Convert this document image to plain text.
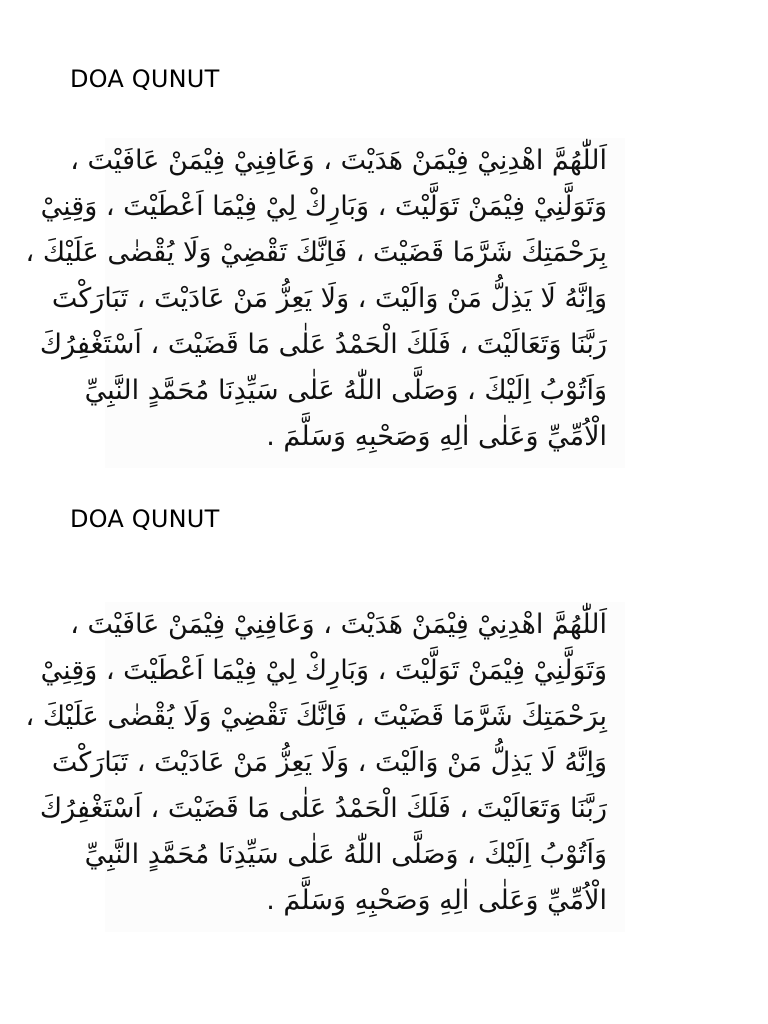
DOA QUNUT

اَللّٰهُمَّ اهْدِنِيْ فِيْمَنْ هَدَيْتَ ، وَعَافِنِيْ فِيْمَنْ عَافَيْتَ ،
وَتَوَلَّنِيْ فِيْمَنْ تَوَلَّيْتَ ، وَبَارِكْ لِيْ فِيْمَا اَعْطَيْتَ ، وَقِنِيْ
بِرَحْمَتِكَ شَرَّمَا قَضَيْتَ ، فَاِنَّكَ تَقْضِيْ وَلَا يُقْضٰى عَلَيْكَ ،
وَاِنَّهُ لَا يَذِلُّ مَنْ وَالَيْتَ ، وَلَا يَعِزُّ مَنْ عَادَيْتَ ، تَبَارَكْتَ
رَبَّنَا وَتَعَالَيْتَ ، فَلَكَ الْحَمْدُ عَلٰى مَا قَضَيْتَ ، اَسْتَغْفِرُكَ
وَاَتُوْبُ اِلَيْكَ ، وَصَلَّى اللّٰهُ عَلٰى سَيِّدِنَا مُحَمَّدٍ النَّبِيِّ
الْاُمِّيِّ وَعَلٰى اٰلِهِ وَصَحْبِهِ وَسَلَّمَ .

DOA QUNUT

اَللّٰهُمَّ اهْدِنِيْ فِيْمَنْ هَدَيْتَ ، وَعَافِنِيْ فِيْمَنْ عَافَيْتَ ،
وَتَوَلَّنِيْ فِيْمَنْ تَوَلَّيْتَ ، وَبَارِكْ لِيْ فِيْمَا اَعْطَيْتَ ، وَقِنِيْ
بِرَحْمَتِكَ شَرَّمَا قَضَيْتَ ، فَاِنَّكَ تَقْضِيْ وَلَا يُقْضٰى عَلَيْكَ ،
وَاِنَّهُ لَا يَذِلُّ مَنْ وَالَيْتَ ، وَلَا يَعِزُّ مَنْ عَادَيْتَ ، تَبَارَكْتَ
رَبَّنَا وَتَعَالَيْتَ ، فَلَكَ الْحَمْدُ عَلٰى مَا قَضَيْتَ ، اَسْتَغْفِرُكَ
وَاَتُوْبُ اِلَيْكَ ، وَصَلَّى اللّٰهُ عَلٰى سَيِّدِنَا مُحَمَّدٍ النَّبِيِّ
الْاُمِّيِّ وَعَلٰى اٰلِهِ وَصَحْبِهِ وَسَلَّمَ .
